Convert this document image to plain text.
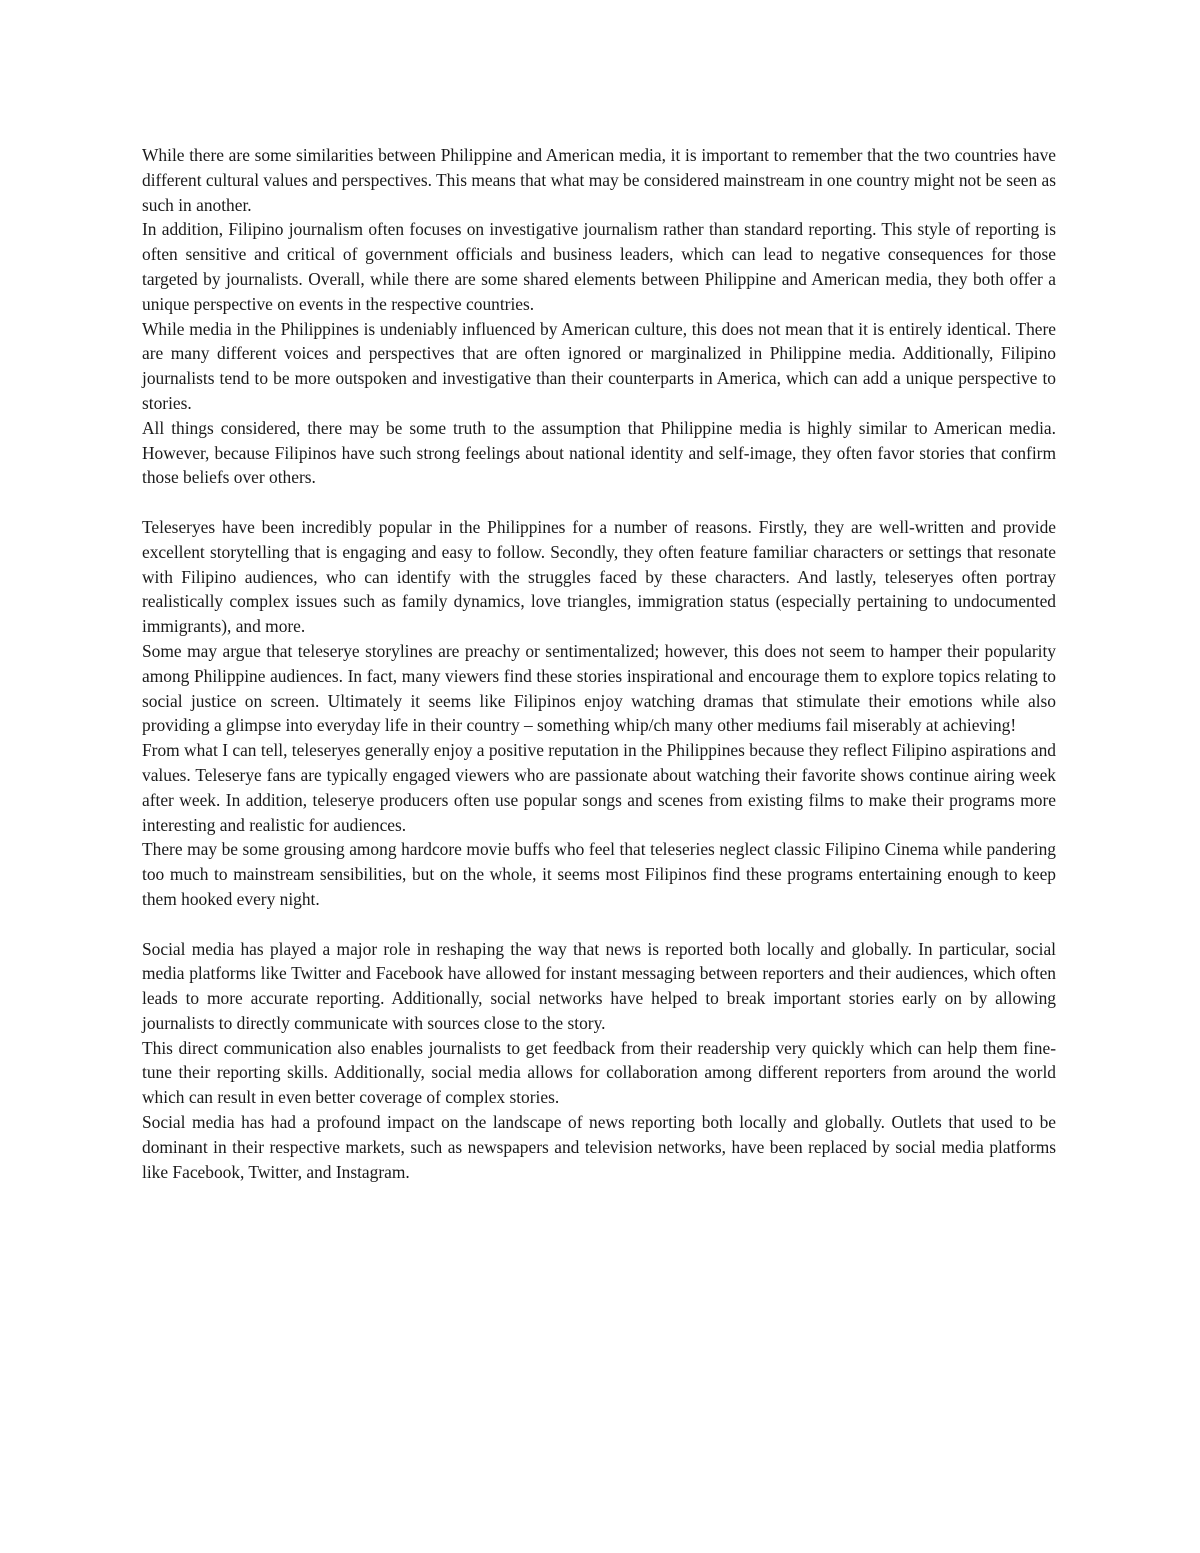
While there are some similarities between Philippine and American media, it is important to remember that the two countries have different cultural values and perspectives. This means that what may be considered mainstream in one country might not be seen as such in another.

In addition, Filipino journalism often focuses on investigative journalism rather than standard reporting. This style of reporting is often sensitive and critical of government officials and business leaders, which can lead to negative consequences for those targeted by journalists. Overall, while there are some shared elements between Philippine and American media, they both offer a unique perspective on events in the respective countries.

While media in the Philippines is undeniably influenced by American culture, this does not mean that it is entirely identical. There are many different voices and perspectives that are often ignored or marginalized in Philippine media. Additionally, Filipino journalists tend to be more outspoken and investigative than their counterparts in America, which can add a unique perspective to stories.

All things considered, there may be some truth to the assumption that Philippine media is highly similar to American media. However, because Filipinos have such strong feelings about national identity and self-image, they often favor stories that confirm those beliefs over others.

Teleseryes have been incredibly popular in the Philippines for a number of reasons. Firstly, they are well-written and provide excellent storytelling that is engaging and easy to follow. Secondly, they often feature familiar characters or settings that resonate with Filipino audiences, who can identify with the struggles faced by these characters. And lastly, teleseryes often portray realistically complex issues such as family dynamics, love triangles, immigration status (especially pertaining to undocumented immigrants), and more.

Some may argue that teleserye storylines are preachy or sentimentalized; however, this does not seem to hamper their popularity among Philippine audiences. In fact, many viewers find these stories inspirational and encourage them to explore topics relating to social justice on screen. Ultimately it seems like Filipinos enjoy watching dramas that stimulate their emotions while also providing a glimpse into everyday life in their country – something whip/ch many other mediums fail miserably at achieving!

From what I can tell, teleseryes generally enjoy a positive reputation in the Philippines because they reflect Filipino aspirations and values. Teleserye fans are typically engaged viewers who are passionate about watching their favorite shows continue airing week after week. In addition, teleserye producers often use popular songs and scenes from existing films to make their programs more interesting and realistic for audiences.

There may be some grousing among hardcore movie buffs who feel that teleseries neglect classic Filipino Cinema while pandering too much to mainstream sensibilities, but on the whole, it seems most Filipinos find these programs entertaining enough to keep them hooked every night.

Social media has played a major role in reshaping the way that news is reported both locally and globally. In particular, social media platforms like Twitter and Facebook have allowed for instant messaging between reporters and their audiences, which often leads to more accurate reporting. Additionally, social networks have helped to break important stories early on by allowing journalists to directly communicate with sources close to the story.

This direct communication also enables journalists to get feedback from their readership very quickly which can help them fine-tune their reporting skills. Additionally, social media allows for collaboration among different reporters from around the world which can result in even better coverage of complex stories.

Social media has had a profound impact on the landscape of news reporting both locally and globally. Outlets that used to be dominant in their respective markets, such as newspapers and television networks, have been replaced by social media platforms like Facebook, Twitter, and Instagram.
